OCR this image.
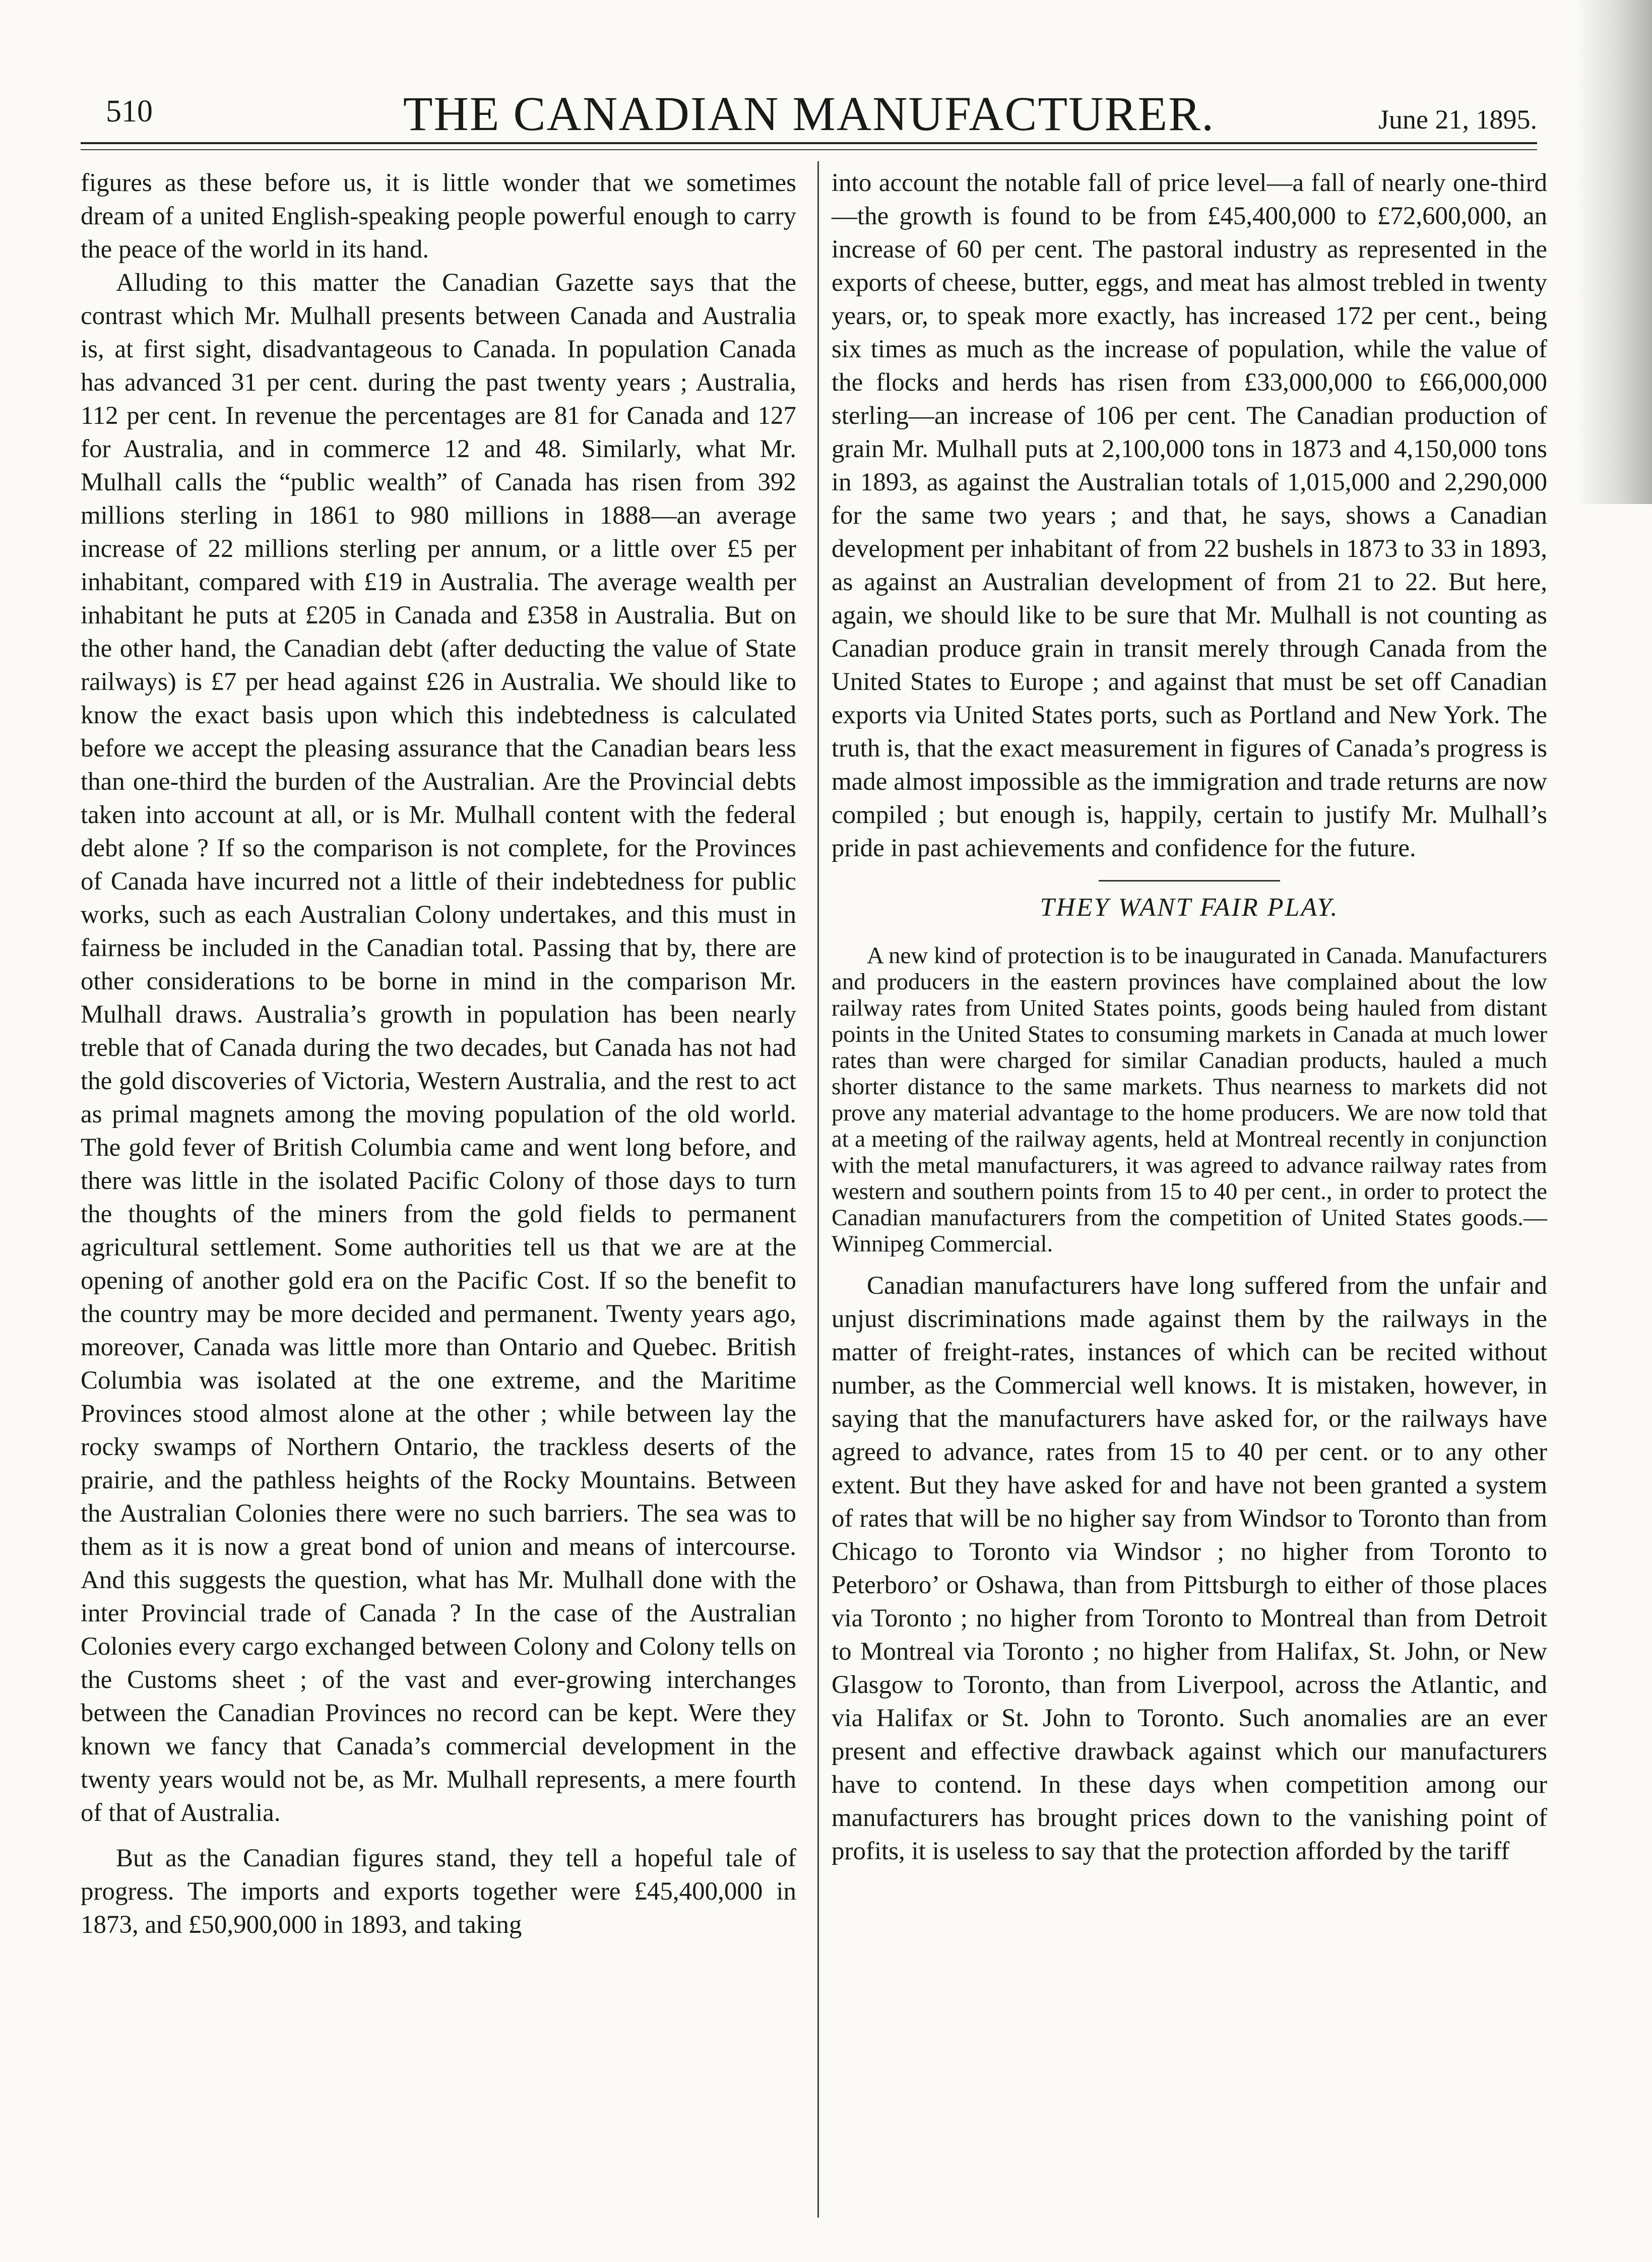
510	THE CANADIAN MANUFACTURER.	June 21, 1895.

figures as these before us, it is little wonder that we sometimes dream of a united English-speaking people powerful enough to carry the peace of the world in its hand.

Alluding to this matter the Canadian Gazette says that the contrast which Mr. Mulhall presents between Canada and Australia is, at first sight, disadvantageous to Canada. In population Canada has advanced 31 per cent. during the past twenty years ; Australia, 112 per cent. In revenue the percentages are 81 for Canada and 127 for Australia, and in commerce 12 and 48. Similarly, what Mr. Mulhall calls the “public wealth” of Canada has risen from 392 millions sterling in 1861 to 980 millions in 1888—an average increase of 22 millions sterling per annum, or a little over £5 per inhabitant, compared with £19 in Australia. The average wealth per inhabitant he puts at £205 in Canada and £358 in Australia. But on the other hand, the Canadian debt (after deducting the value of State railways) is £7 per head against £26 in Australia. We should like to know the exact basis upon which this indebtedness is calculated before we accept the pleasing assurance that the Canadian bears less than one-third the burden of the Australian. Are the Provincial debts taken into account at all, or is Mr. Mulhall content with the federal debt alone ? If so the comparison is not complete, for the Provinces of Canada have incurred not a little of their indebtedness for public works, such as each Australian Colony undertakes, and this must in fairness be included in the Canadian total. Passing that by, there are other considerations to be borne in mind in the comparison Mr. Mulhall draws. Australia’s growth in population has been nearly treble that of Canada during the two decades, but Canada has not had the gold discoveries of Victoria, Western Australia, and the rest to act as primal magnets among the moving population of the old world. The gold fever of British Columbia came and went long before, and there was little in the isolated Pacific Colony of those days to turn the thoughts of the miners from the gold fields to permanent agricultural settlement. Some authorities tell us that we are at the opening of another gold era on the Pacific Cost. If so the benefit to the country may be more decided and permanent. Twenty years ago, moreover, Canada was little more than Ontario and Quebec. British Columbia was isolated at the one extreme, and the Maritime Provinces stood almost alone at the other ; while between lay the rocky swamps of Northern Ontario, the trackless deserts of the prairie, and the pathless heights of the Rocky Mountains. Between the Australian Colonies there were no such barriers. The sea was to them as it is now a great bond of union and means of intercourse. And this suggests the question, what has Mr. Mulhall done with the inter Provincial trade of Canada ? In the case of the Australian Colonies every cargo exchanged between Colony and Colony tells on the Customs sheet ; of the vast and ever-growing interchanges between the Canadian Provinces no record can be kept. Were they known we fancy that Canada’s commercial development in the twenty years would not be, as Mr. Mulhall represents, a mere fourth of that of Australia.

But as the Canadian figures stand, they tell a hopeful tale of progress. The imports and exports together were £45,400,000 in 1873, and £50,900,000 in 1893, and taking

into account the notable fall of price level—a fall of nearly one-third—the growth is found to be from £45,400,000 to £72,600,000, an increase of 60 per cent. The pastoral industry as represented in the exports of cheese, butter, eggs, and meat has almost trebled in twenty years, or, to speak more exactly, has increased 172 per cent., being six times as much as the increase of population, while the value of the flocks and herds has risen from £33,000,000 to £66,000,000 sterling—an increase of 106 per cent. The Canadian production of grain Mr. Mulhall puts at 2,100,000 tons in 1873 and 4,150,000 tons in 1893, as against the Australian totals of 1,015,000 and 2,290,000 for the same two years ; and that, he says, shows a Canadian development per inhabitant of from 22 bushels in 1873 to 33 in 1893, as against an Australian development of from 21 to 22. But here, again, we should like to be sure that Mr. Mulhall is not counting as Canadian produce grain in transit merely through Canada from the United States to Europe ; and against that must be set off Canadian exports via United States ports, such as Portland and New York. The truth is, that the exact measurement in figures of Canada’s progress is made almost impossible as the immigration and trade returns are now compiled ; but enough is, happily, certain to justify Mr. Mulhall’s pride in past achievements and confidence for the future.

THEY WANT FAIR PLAY.

A new kind of protection is to be inaugurated in Canada. Manufacturers and producers in the eastern provinces have complained about the low railway rates from United States points, goods being hauled from distant points in the United States to consuming markets in Canada at much lower rates than were charged for similar Canadian products, hauled a much shorter distance to the same markets. Thus nearness to markets did not prove any material advantage to the home producers. We are now told that at a meeting of the railway agents, held at Montreal recently in conjunction with the metal manufacturers, it was agreed to advance railway rates from western and southern points from 15 to 40 per cent., in order to protect the Canadian manufacturers from the competition of United States goods.—Winnipeg Commercial.

Canadian manufacturers have long suffered from the unfair and unjust discriminations made against them by the railways in the matter of freight-rates, instances of which can be recited without number, as the Commercial well knows. It is mistaken, however, in saying that the manufacturers have asked for, or the railways have agreed to advance, rates from 15 to 40 per cent. or to any other extent. But they have asked for and have not been granted a system of rates that will be no higher say from Windsor to Toronto than from Chicago to Toronto via Windsor ; no higher from Toronto to Peterboro’ or Oshawa, than from Pittsburgh to either of those places via Toronto ; no higher from Toronto to Montreal than from Detroit to Montreal via Toronto ; no higher from Halifax, St. John, or New Glasgow to Toronto, than from Liverpool, across the Atlantic, and via Halifax or St. John to Toronto. Such anomalies are an ever present and effective drawback against which our manufacturers have to contend. In these days when competition among our manufacturers has brought prices down to the vanishing point of profits, it is useless to say that the protection afforded by the tariff
